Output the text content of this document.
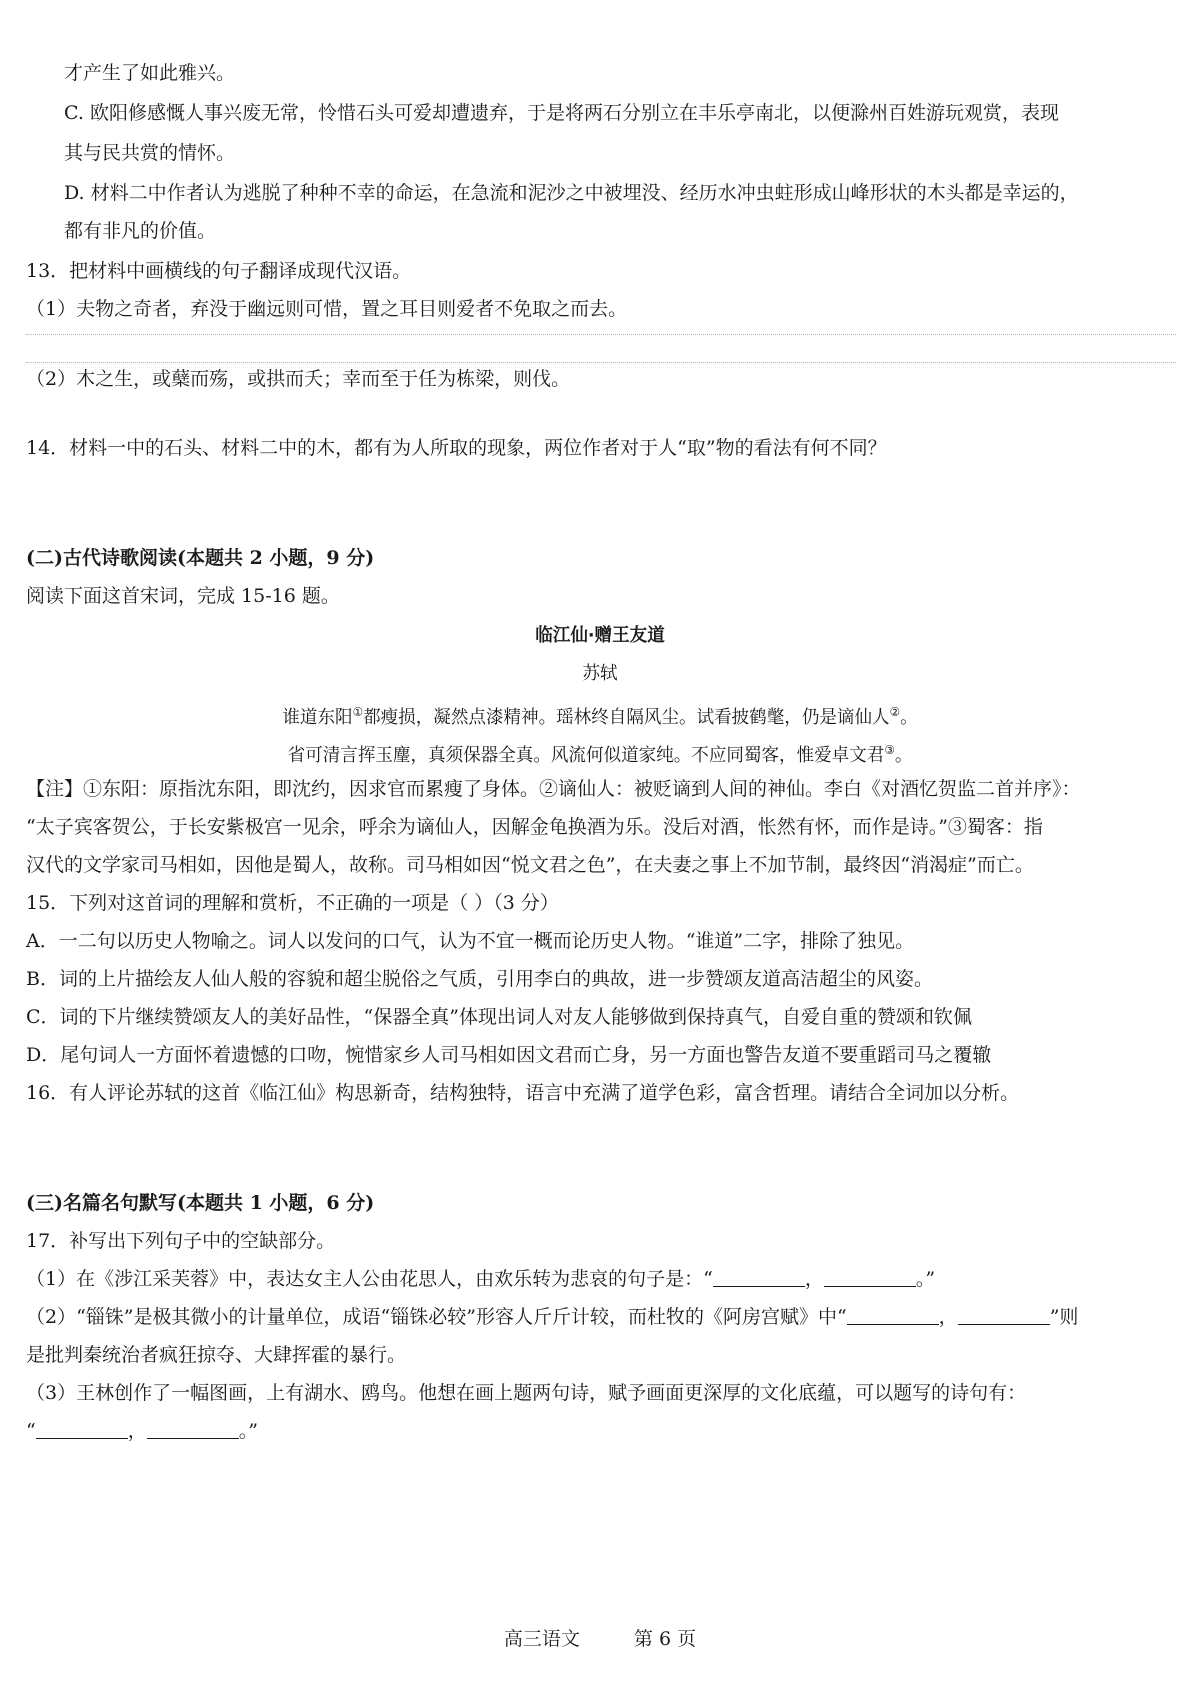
才产生了如此雅兴。
C. 欧阳修感慨人事兴废无常，怜惜石头可爱却遭遗弃，于是将两石分别立在丰乐亭南北，以便滁州百姓游玩观赏，表现
其与民共赏的情怀。
D. 材料二中作者认为逃脱了种种不幸的命运，在急流和泥沙之中被埋没、经历水冲虫蛀形成山峰形状的木头都是幸运的，
都有非凡的价值。
13．把材料中画横线的句子翻译成现代汉语。
（1）夫物之奇者，弃没于幽远则可惜，置之耳目则爱者不免取之而去。
（2）木之生，或蘖而殇，或拱而夭；幸而至于任为栋梁，则伐。
14．材料一中的石头、材料二中的木，都有为人所取的现象，两位作者对于人“取”物的看法有何不同？
(二)古代诗歌阅读(本题共 2 小题，9 分)
阅读下面这首宋词，完成 15-16 题。
临江仙·赠王友道
苏轼
谁道东阳①都瘦损，凝然点漆精神。瑶林终自隔风尘。试看披鹤氅，仍是谪仙人②。
省可清言挥玉麈，真须保器全真。风流何似道家纯。不应同蜀客，惟爱卓文君③。
【注】①东阳：原指沈东阳，即沈约，因求官而累瘦了身体。②谪仙人：被贬谪到人间的神仙。李白《对酒忆贺监二首并序》：
“太子宾客贺公，于长安紫极宫一见余，呼余为谪仙人，因解金龟换酒为乐。没后对酒，怅然有怀，而作是诗。”③蜀客：指
汉代的文学家司马相如，因他是蜀人，故称。司马相如因“悦文君之色”，在夫妻之事上不加节制，最终因“消渴症”而亡。
15．下列对这首词的理解和赏析，不正确的一项是（ ）（3 分）
A．一二句以历史人物喻之。词人以发问的口气，认为不宜一概而论历史人物。“谁道”二字，排除了独见。
B．词的上片描绘友人仙人般的容貌和超尘脱俗之气质，引用李白的典故，进一步赞颂友道高洁超尘的风姿。
C．词的下片继续赞颂友人的美好品性，“保器全真”体现出词人对友人能够做到保持真气，自爱自重的赞颂和钦佩
D．尾句词人一方面怀着遗憾的口吻，惋惜家乡人司马相如因文君而亡身，另一方面也警告友道不要重蹈司马之覆辙
16．有人评论苏轼的这首《临江仙》构思新奇，结构独特，语言中充满了道学色彩，富含哲理。请结合全词加以分析。
(三)名篇名句默写(本题共 1 小题，6 分)
17．补写出下列句子中的空缺部分。
（1）在《涉江采芙蓉》中，表达女主人公由花思人，由欢乐转为悲哀的句子是：“	，	。”
（2）“锱铢”是极其微小的计量单位，成语“锱铢必较”形容人斤斤计较，而杜牧的《阿房宫赋》中“	，	”则
是批判秦统治者疯狂掠夺、大肆挥霍的暴行。
（3）王林创作了一幅图画，上有湖水、鸥鸟。他想在画上题两句诗，赋予画面更深厚的文化底蕴，可以题写的诗句有：
“	，	。”
高三语文	第 6 页
